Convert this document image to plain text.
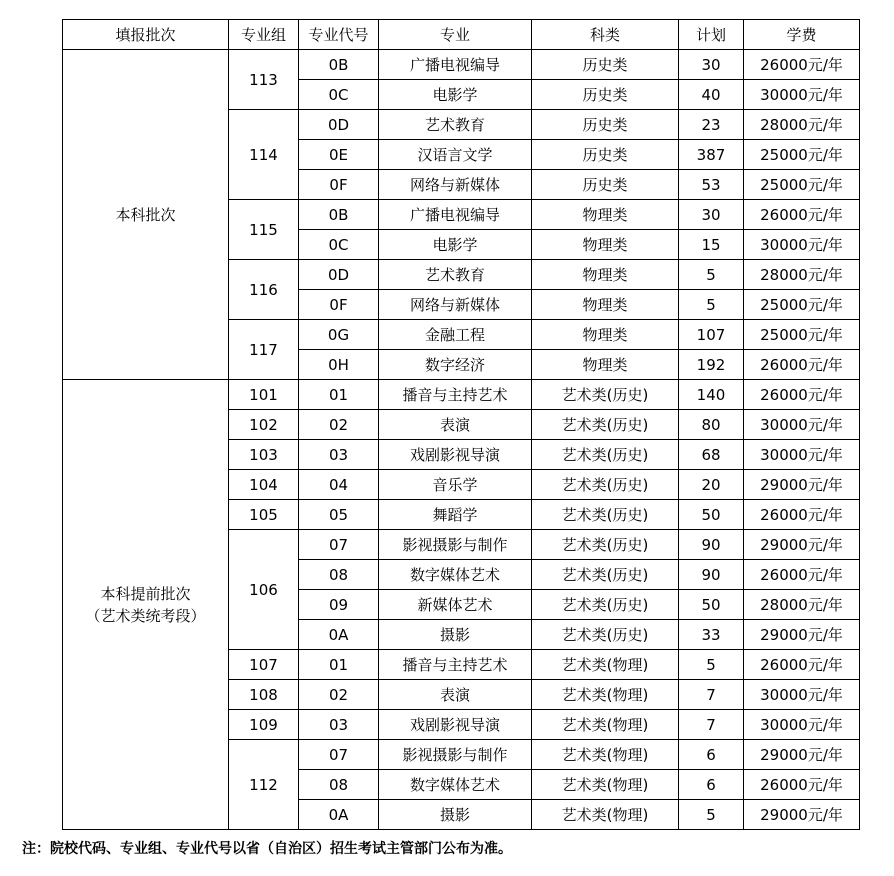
填报批次	专业组	专业代号	专业	科类	计划	学费

本科批次	113	0B	广播电视编导	历史类	30	26000元/年
		0C	电影学	历史类	40	30000元/年
	114	0D	艺术教育	历史类	23	28000元/年
		0E	汉语言文学	历史类	387	25000元/年
		0F	网络与新媒体	历史类	53	25000元/年
	115	0B	广播电视编导	物理类	30	26000元/年
		0C	电影学	物理类	15	30000元/年
	116	0D	艺术教育	物理类	5	28000元/年
		0F	网络与新媒体	物理类	5	25000元/年
	117	0G	金融工程	物理类	107	25000元/年
		0H	数字经济	物理类	192	26000元/年

本科提前批次
（艺术类统考段）	101	01	播音与主持艺术	艺术类(历史)	140	26000元/年
	102	02	表演	艺术类(历史)	80	30000元/年
	103	03	戏剧影视导演	艺术类(历史)	68	30000元/年
	104	04	音乐学	艺术类(历史)	20	29000元/年
	105	05	舞蹈学	艺术类(历史)	50	26000元/年
	106	07	影视摄影与制作	艺术类(历史)	90	29000元/年
		08	数字媒体艺术	艺术类(历史)	90	26000元/年
		09	新媒体艺术	艺术类(历史)	50	28000元/年
		0A	摄影	艺术类(历史)	33	29000元/年
	107	01	播音与主持艺术	艺术类(物理)	5	26000元/年
	108	02	表演	艺术类(物理)	7	30000元/年
	109	03	戏剧影视导演	艺术类(物理)	7	30000元/年
	112	07	影视摄影与制作	艺术类(物理)	6	29000元/年
		08	数字媒体艺术	艺术类(物理)	6	26000元/年
		0A	摄影	艺术类(物理)	5	29000元/年
注：院校代码、专业组、专业代号以省（自治区）招生考试主管部门公布为准。
